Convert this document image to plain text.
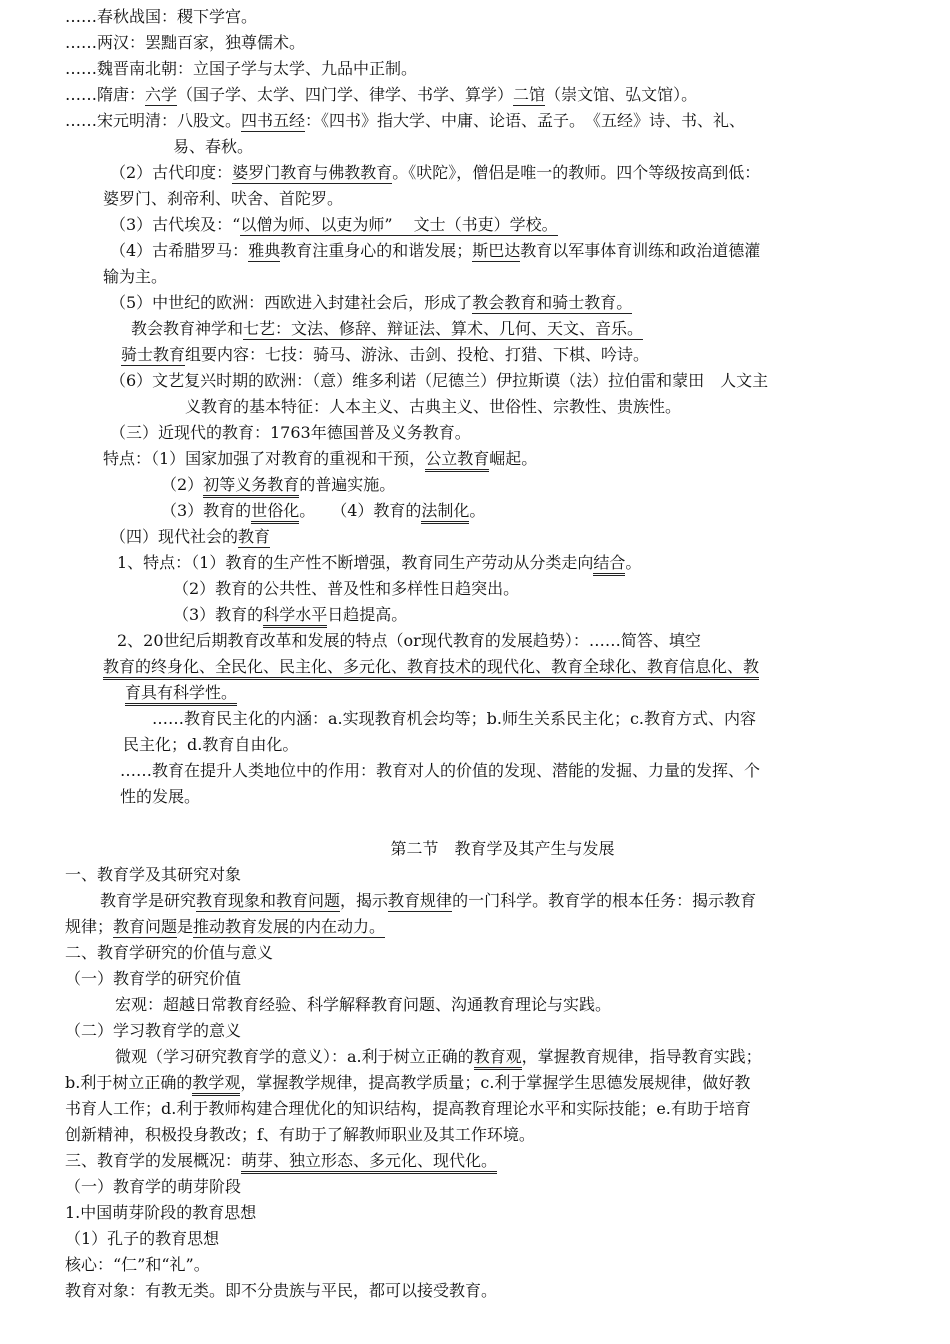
……春秋战国：稷下学宫。
……两汉：罢黜百家，独尊儒术。
……魏晋南北朝：立国子学与太学、九品中正制。
……隋唐：六学（国子学、太学、四门学、律学、书学、算学）二馆（崇文馆、弘文馆）。
……宋元明清：八股文。四书五经：《四书》指大学、中庸、论语、孟子。　《五经》诗、书、礼、
易、春秋。
（2）古代印度：婆罗门教育与佛教教育。《吠陀》，僧侣是唯一的教师。四个等级按高到低：
婆罗门、刹帝利、吠舍、首陀罗。
（3）古代埃及：“以僧为师、以吏为师”　 文士（书吏）学校。
（4）古希腊罗马：雅典教育注重身心的和谐发展；斯巴达教育以军事体育训练和政治道德灌
输为主。
（5）中世纪的欧洲：西欧进入封建社会后，形成了教会教育和骑士教育。
教会教育神学和七艺：文法、修辞、辩证法、算术、几何、天文、音乐。
骑士教育组要内容：七技：骑马、游泳、击剑、投枪、打猎、下棋、吟诗。
（6）文艺复兴时期的欧洲：（意）维多利诺（尼德兰）伊拉斯谟（法）拉伯雷和蒙田　人文主
义教育的基本特征：人本主义、古典主义、世俗性、宗教性、贵族性。
（三）近现代的教育：1763年德国普及义务教育。
特点：（1）国家加强了对教育的重视和干预，公立教育崛起。
（2）初等义务教育的普遍实施。
（3）教育的世俗化。　　（4）教育的法制化。
（四）现代社会的教育
1、特点：（1）教育的生产性不断增强，教育同生产劳动从分类走向结合。
（2）教育的公共性、普及性和多样性日趋突出。
（3）教育的科学水平日趋提高。
2、20世纪后期教育改革和发展的特点（or现代教育的发展趋势）：……简答、填空
教育的终身化、全民化、民主化、多元化、教育技术的现代化、教育全球化、教育信息化、教
育具有科学性。
……教育民主化的内涵：a.实现教育机会均等；b.师生关系民主化；c.教育方式、内容
民主化；d.教育自由化。
……教育在提升人类地位中的作用：教育对人的价值的发现、潜能的发掘、力量的发挥、个
性的发展。
第二节　教育学及其产生与发展
一、教育学及其研究对象
教育学是研究教育现象和教育问题，揭示教育规律的一门科学。教育学的根本任务：揭示教育
规律；教育问题是推动教育发展的内在动力。
二、教育学研究的价值与意义
（一）教育学的研究价值
宏观：超越日常教育经验、科学解释教育问题、沟通教育理论与实践。
（二）学习教育学的意义
微观（学习研究教育学的意义）：a.利于树立正确的教育观，掌握教育规律，指导教育实践；
b.利于树立正确的教学观，掌握教学规律，提高教学质量；c.利于掌握学生思德发展规律，做好教
书育人工作；d.利于教师构建合理优化的知识结构，提高教育理论水平和实际技能；e.有助于培育
创新精神，积极投身教改；f、有助于了解教师职业及其工作环境。
三、教育学的发展概况：萌芽、独立形态、多元化、现代化。
（一）教育学的萌芽阶段
1.中国萌芽阶段的教育思想
（1）孔子的教育思想
核心：“仁”和“礼”。
教育对象：有教无类。即不分贵族与平民，都可以接受教育。
